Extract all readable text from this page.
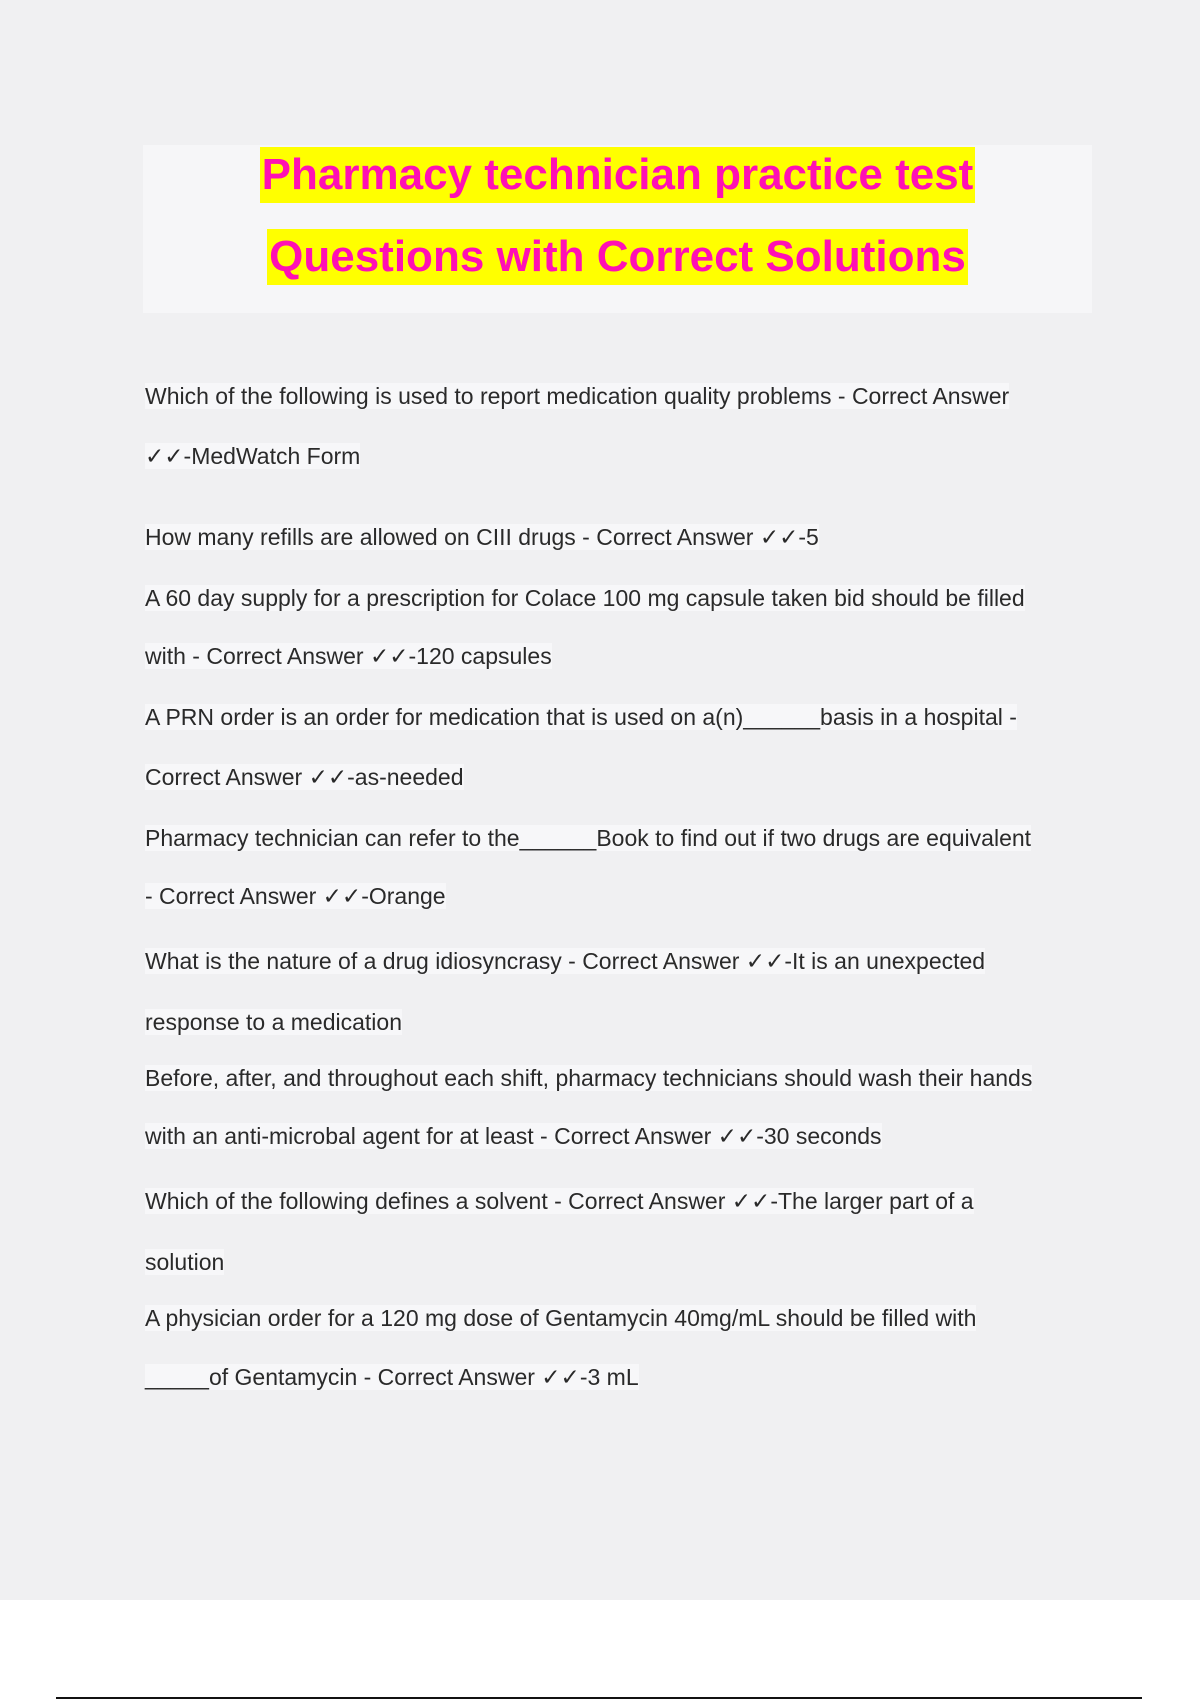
Pharmacy technician practice test
Questions with Correct Solutions
Which of the following is used to report medication quality problems - Correct Answer
✓✓-MedWatch Form
How many refills are allowed on CIII drugs - Correct Answer ✓✓-5
A 60 day supply for a prescription for Colace 100 mg capsule taken bid should be filled
with - Correct Answer ✓✓-120 capsules
A PRN order is an order for medication that is used on a(n)______basis in a hospital -
Correct Answer ✓✓-as-needed
Pharmacy technician can refer to the______Book to find out if two drugs are equivalent
- Correct Answer ✓✓-Orange
What is the nature of a drug idiosyncrasy - Correct Answer ✓✓-It is an unexpected
response to a medication
Before, after, and throughout each shift, pharmacy technicians should wash their hands
with an anti-microbal agent for at least - Correct Answer ✓✓-30 seconds
Which of the following defines a solvent - Correct Answer ✓✓-The larger part of a
solution
A physician order for a 120 mg dose of Gentamycin 40mg/mL should be filled with
_____of Gentamycin - Correct Answer ✓✓-3 mL
